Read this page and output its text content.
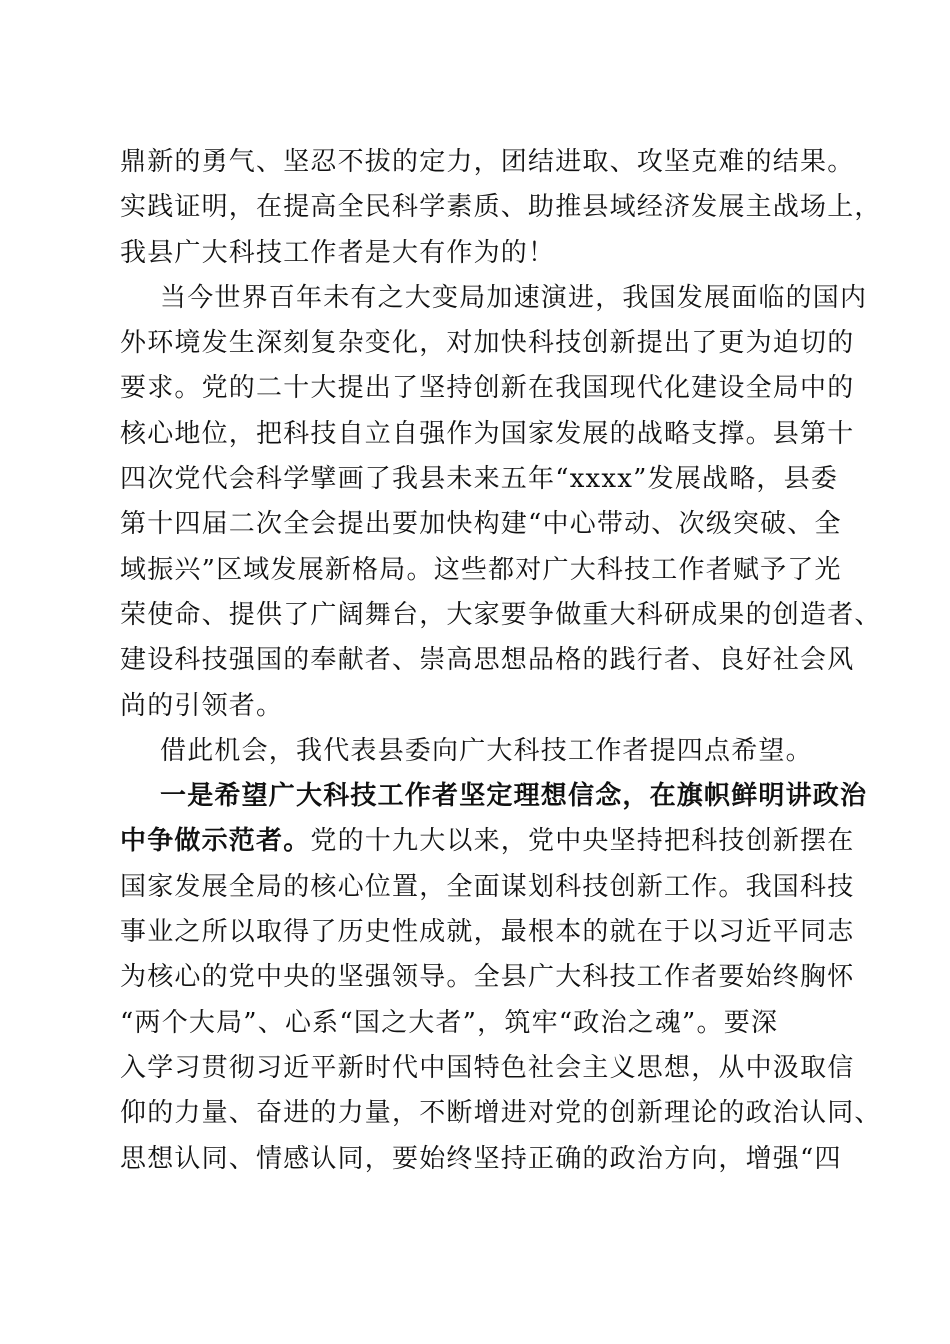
鼎新的勇气、坚忍不拔的定力，团结进取、攻坚克难的结果。
实践证明，在提高全民科学素质、助推县域经济发展主战场上，
我县广大科技工作者是大有作为的！
当今世界百年未有之大变局加速演进，我国发展面临的国内
外环境发生深刻复杂变化，对加快科技创新提出了更为迫切的
要求。党的二十大提出了坚持创新在我国现代化建设全局中的
核心地位，把科技自立自强作为国家发展的战略支撑。县第十
四次党代会科学擘画了我县未来五年“xxxx”发展战略，县委
第十四届二次全会提出要加快构建“中心带动、次级突破、全
域振兴”区域发展新格局。这些都对广大科技工作者赋予了光
荣使命、提供了广阔舞台，大家要争做重大科研成果的创造者、
建设科技强国的奉献者、崇高思想品格的践行者、良好社会风
尚的引领者。
借此机会，我代表县委向广大科技工作者提四点希望。
一是希望广大科技工作者坚定理想信念，在旗帜鲜明讲政治
中争做示范者。党的十九大以来，党中央坚持把科技创新摆在
国家发展全局的核心位置，全面谋划科技创新工作。我国科技
事业之所以取得了历史性成就，最根本的就在于以习近平同志
为核心的党中央的坚强领导。全县广大科技工作者要始终胸怀
“两个大局”、心系“国之大者”，筑牢“政治之魂”。要深
入学习贯彻习近平新时代中国特色社会主义思想，从中汲取信
仰的力量、奋进的力量，不断增进对党的创新理论的政治认同、
思想认同、情感认同，要始终坚持正确的政治方向，增强“四
